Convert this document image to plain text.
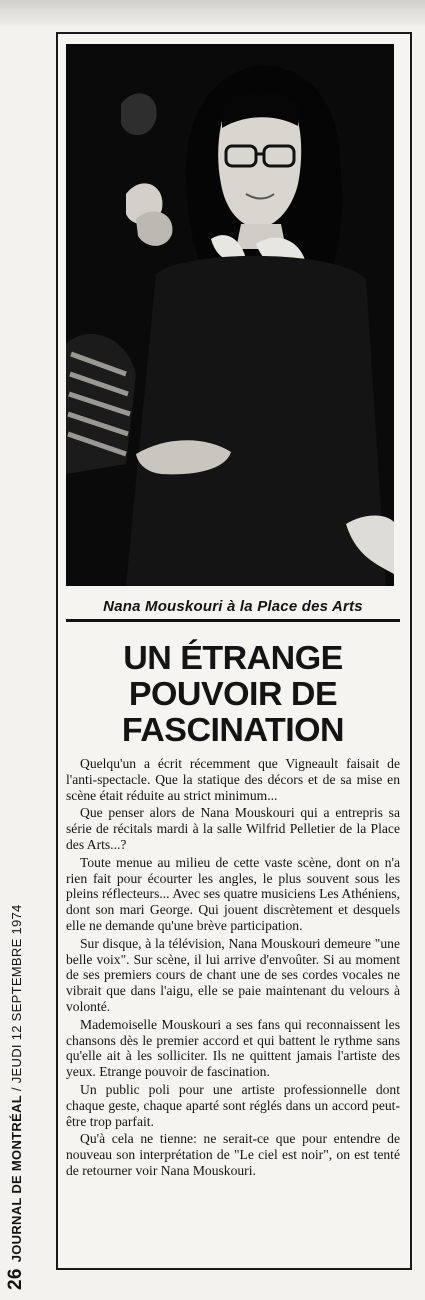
Nana Mouskouri à la Place des Arts
UN ÉTRANGE
POUVOIR DE
FASCINATION

Quelqu'un a écrit récemment que Vigneault faisait de l'anti-spectacle. Que la statique des décors et de sa mise en scène était réduite au strict minimum...

Que penser alors de Nana Mouskouri qui a entrepris sa série de récitals mardi à la salle Wilfrid Pelletier de la Place des Arts...?

Toute menue au milieu de cette vaste scène, dont on n'a rien fait pour écourter les angles, le plus souvent sous les pleins réflecteurs... Avec ses quatre musiciens Les Athéniens, dont son mari George. Qui jouent discrètement et desquels elle ne demande qu'une brève participation.

Sur disque, à la télévision, Nana Mouskouri demeure "une belle voix". Sur scène, il lui arrive d'envoûter. Si au moment de ses premiers cours de chant une de ses cordes vocales ne vibrait que dans l'aigu, elle se paie maintenant du velours à volonté.

Mademoiselle Mouskouri a ses fans qui reconnaissent les chansons dès le premier accord et qui battent le rythme sans qu'elle ait à les solliciter. Ils ne quittent jamais l'artiste des yeux. Etrange pouvoir de fascination.

Un public poli pour une artiste professionnelle dont chaque geste, chaque aparté sont réglés dans un accord peut-être trop parfait.

Qu'à cela ne tienne: ne serait-ce que pour entendre de nouveau son interprétation de "Le ciel est noir", on est tenté de retourner voir Nana Mouskouri.

26JOURNAL DE MONTRÉAL / JEUDI 12 SEPTEMBRE 1974
